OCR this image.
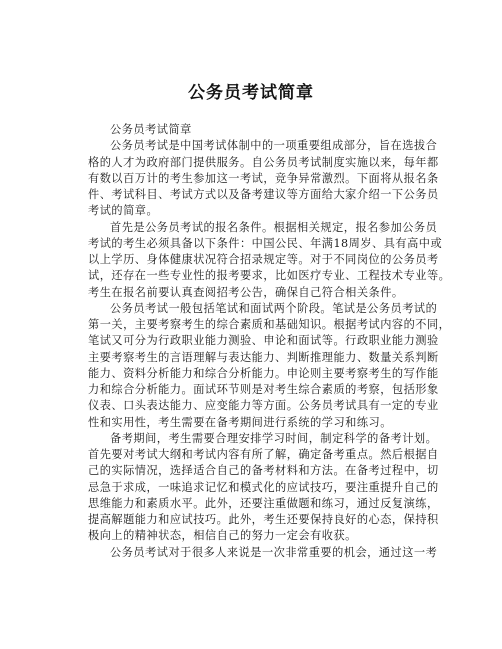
公务员考试简章
公务员考试简章
公务员考试是中国考试体制中的一项重要组成部分，旨在选拔合
格的人才为政府部门提供服务。自公务员考试制度实施以来，每年都
有数以百万计的考生参加这一考试，竞争异常激烈。下面将从报名条
件、考试科目、考试方式以及备考建议等方面给大家介绍一下公务员
考试的简章。
首先是公务员考试的报名条件。根据相关规定，报名参加公务员
考试的考生必须具备以下条件：中国公民、年满18周岁、具有高中或
以上学历、身体健康状况符合招录规定等。对于不同岗位的公务员考
试，还存在一些专业性的报考要求，比如医疗专业、工程技术专业等。
考生在报名前要认真查阅招考公告，确保自己符合相关条件。
公务员考试一般包括笔试和面试两个阶段。笔试是公务员考试的
第一关，主要考察考生的综合素质和基础知识。根据考试内容的不同，
笔试又可分为行政职业能力测验、申论和面试等。行政职业能力测验
主要考察考生的言语理解与表达能力、判断推理能力、数量关系判断
能力、资料分析能力和综合分析能力。申论则主要考察考生的写作能
力和综合分析能力。面试环节则是对考生综合素质的考察，包括形象
仪表、口头表达能力、应变能力等方面。公务员考试具有一定的专业
性和实用性，考生需要在备考期间进行系统的学习和练习。
备考期间，考生需要合理安排学习时间，制定科学的备考计划。
首先要对考试大纲和考试内容有所了解，确定备考重点。然后根据自
己的实际情况，选择适合自己的备考材料和方法。在备考过程中，切
忌急于求成，一味追求记忆和模式化的应试技巧，要注重提升自己的
思维能力和素质水平。此外，还要注重做题和练习，通过反复演练，
提高解题能力和应试技巧。此外，考生还要保持良好的心态，保持积
极向上的精神状态，相信自己的努力一定会有收获。
公务员考试对于很多人来说是一次非常重要的机会，通过这一考
